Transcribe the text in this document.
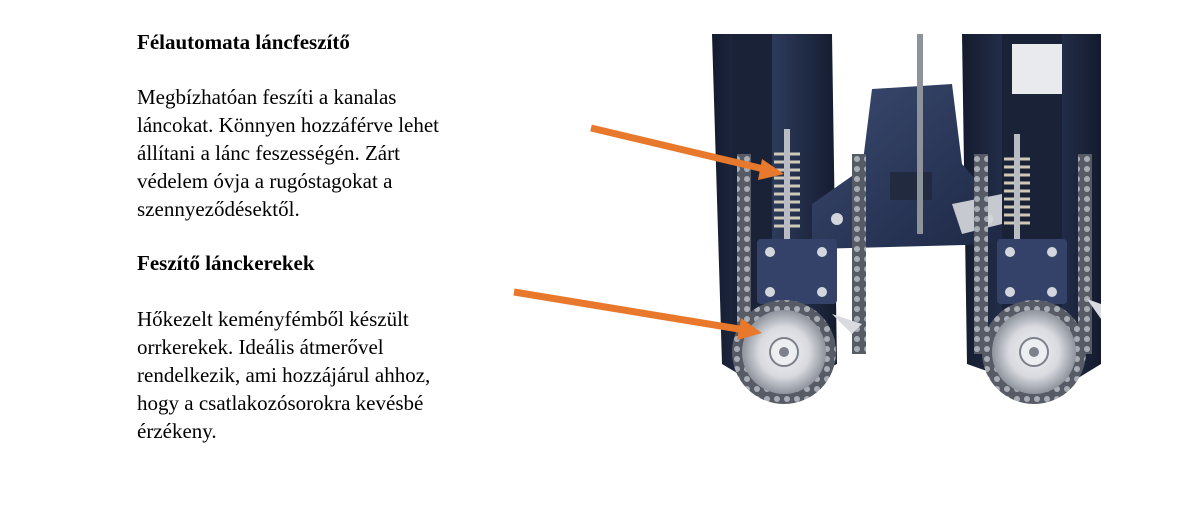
Félautomata láncfeszítő

Megbízhatóan feszíti a kanalas

láncokat. Könnyen hozzáférve lehet

állítani a lánc feszességén. Zárt

védelem óvja a rugóstagokat a

szennyeződésektől.

Feszítő lánckerekek

Hőkezelt keményfémből készült

orrkerekek. Ideális átmerővel

rendelkezik, ami hozzájárul ahhoz,

hogy a csatlakozósorokra kevésbé

érzékeny.
